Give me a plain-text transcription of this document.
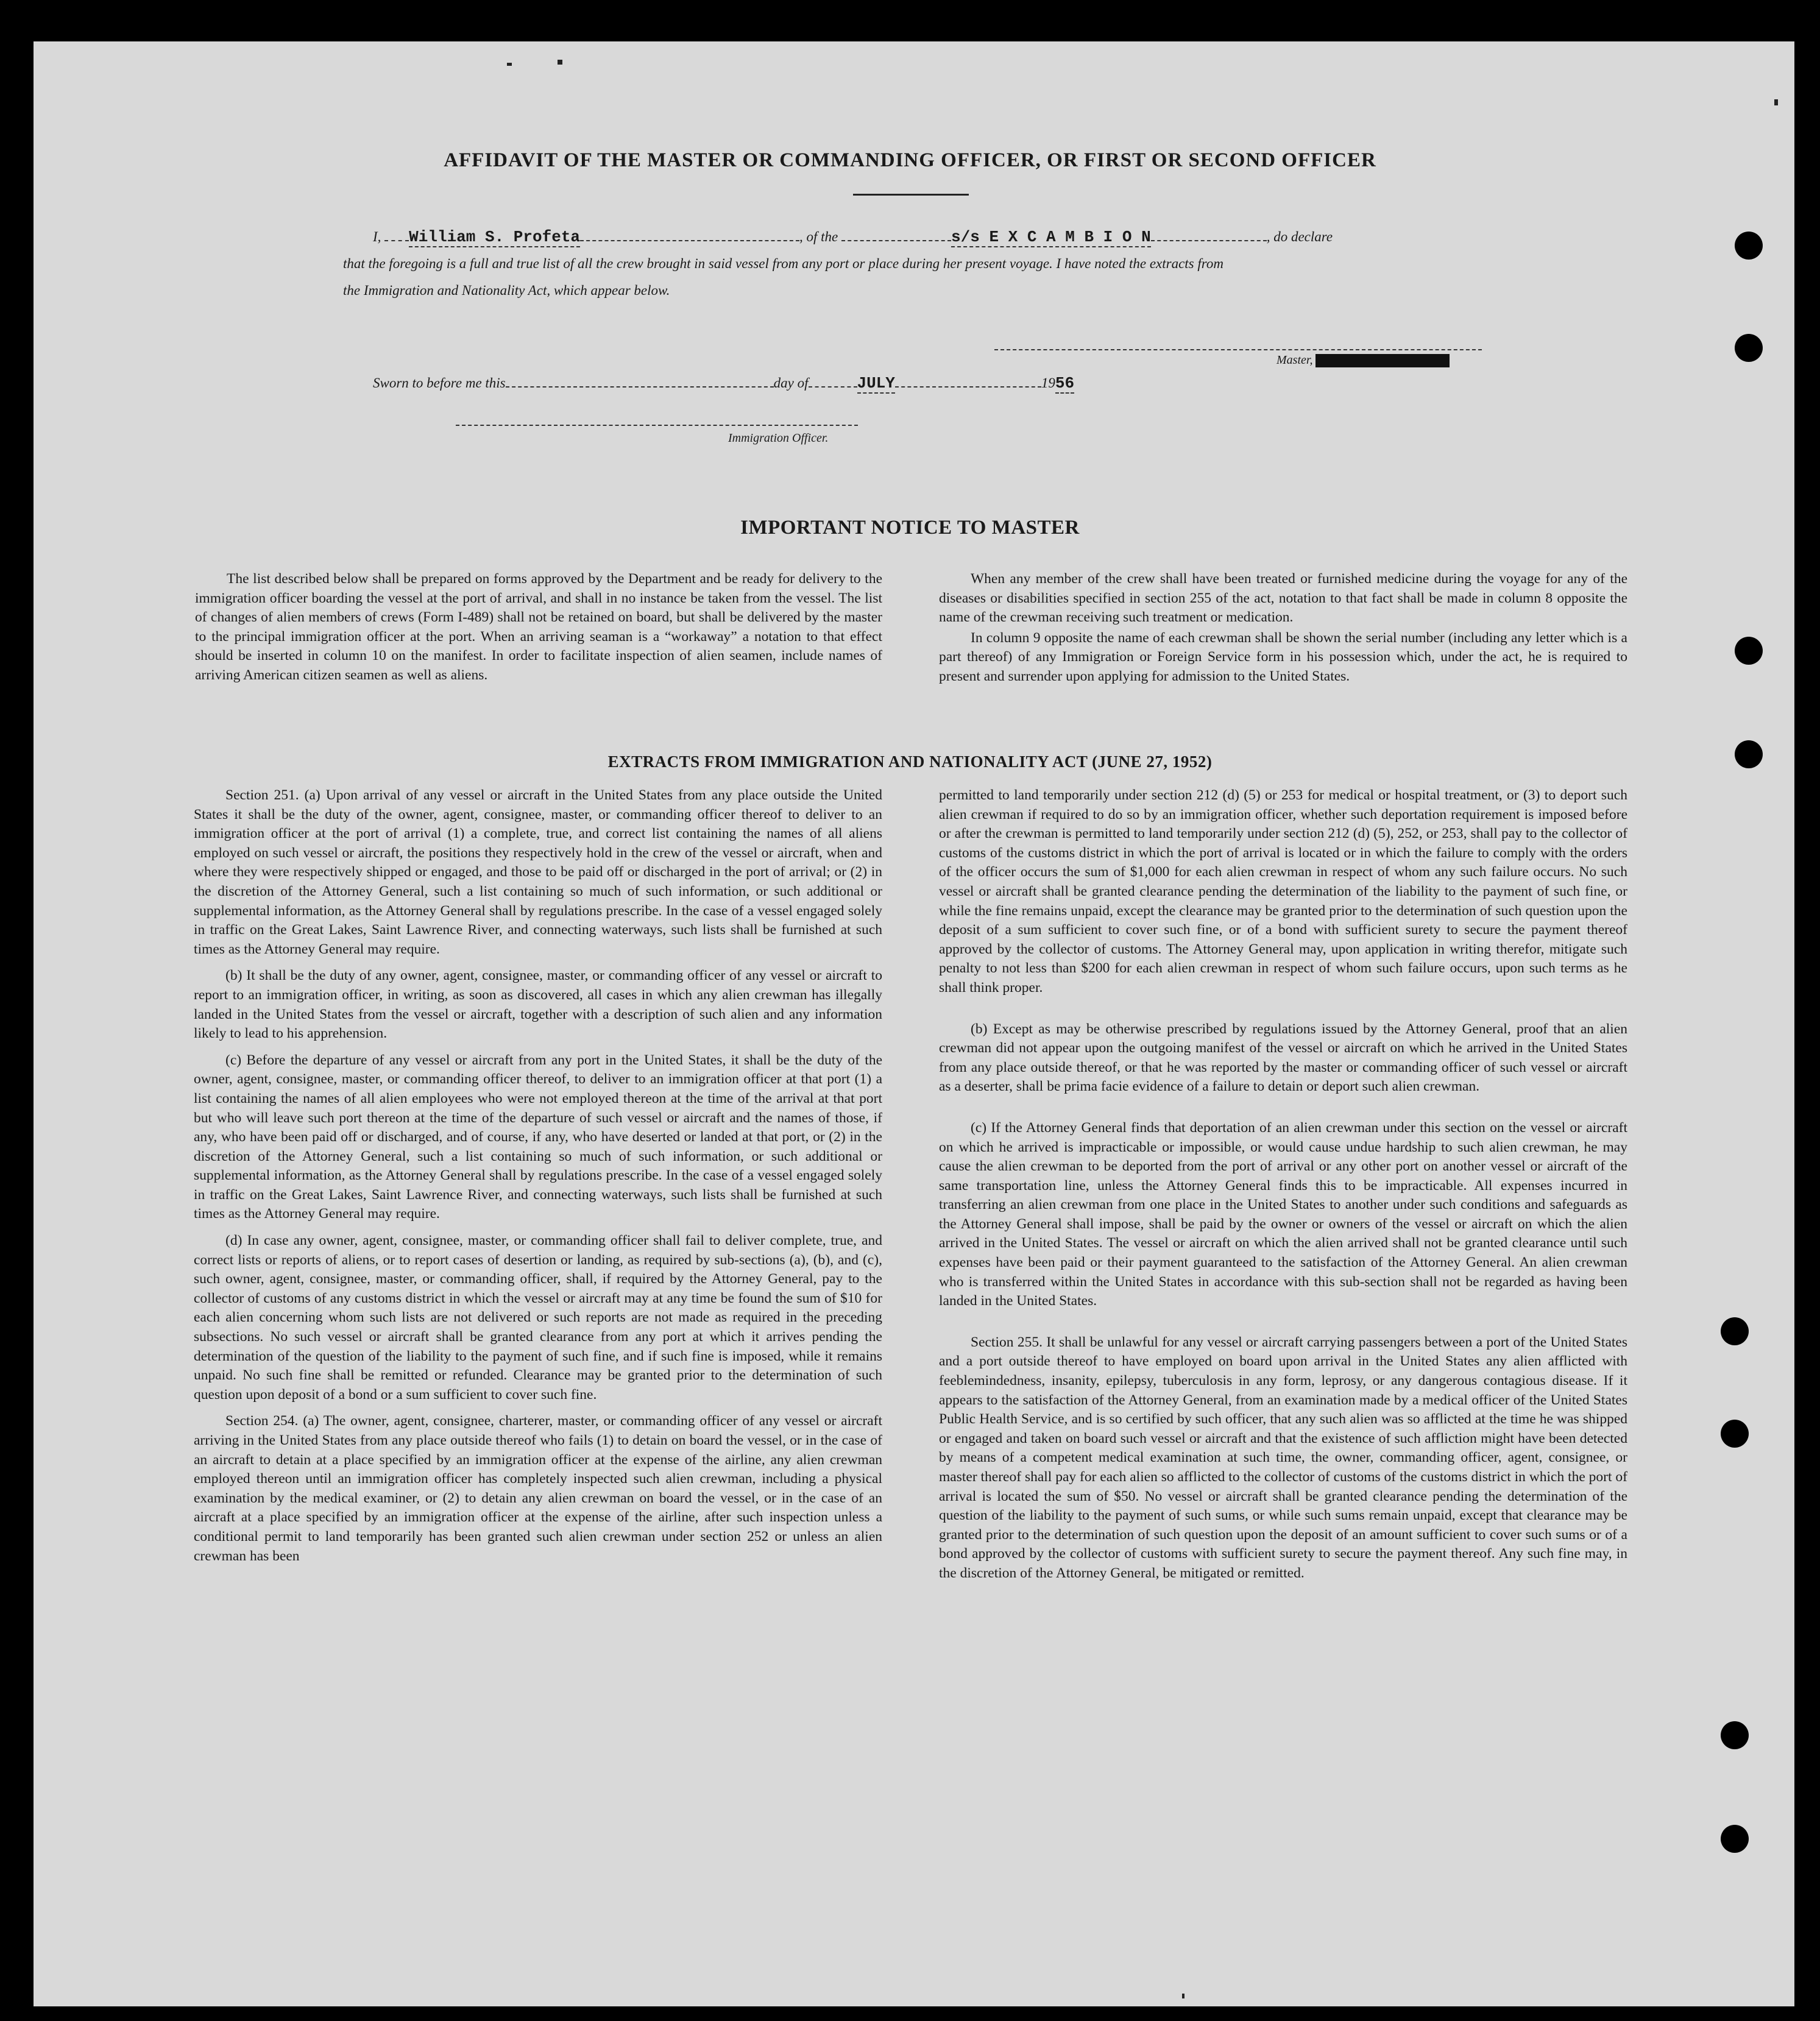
AFFIDAVIT OF THE MASTER OR COMMANDING OFFICER, OR FIRST OR SECOND OFFICER
I, William S. Profeta	, of the	s/s E X C A M B I O N	, do declare
that the foregoing is a full and true list of all the crew brought in said vessel from any port or place during her present voyage. I have noted the extracts from
the Immigration and Nationality Act, which appear below.
Master,
Sworn to before me this	day of	JULY	1956
Immigration Officer.
IMPORTANT NOTICE TO MASTER

The list described below shall be prepared on forms approved by the Department and be ready for delivery to the immigration officer boarding the vessel at the port of arrival, and shall in no instance be taken from the vessel. The list of changes of alien members of crews (Form I-489) shall not be retained on board, but shall be delivered by the master to the principal immigration officer at the port. When an arriving seaman is a “workaway” a notation to that effect should be inserted in column 10 on the manifest. In order to facilitate inspection of alien seamen, include names of arriving American citizen seamen as well as aliens.

When any member of the crew shall have been treated or furnished medicine during the voyage for any of the diseases or disabilities specified in section 255 of the act, notation to that fact shall be made in column 8 opposite the name of the crewman receiving such treatment or medication.

In column 9 opposite the name of each crewman shall be shown the serial number (including any letter which is a part thereof) of any Immigration or Foreign Service form in his possession which, under the act, he is required to present and surrender upon applying for admission to the United States.

EXTRACTS FROM IMMIGRATION AND NATIONALITY ACT (JUNE 27, 1952)

Section 251. (a) Upon arrival of any vessel or aircraft in the United States from any place outside the United States it shall be the duty of the owner, agent, consignee, master, or commanding officer thereof to deliver to an immigration officer at the port of arrival (1) a complete, true, and correct list containing the names of all aliens employed on such vessel or aircraft, the positions they respectively hold in the crew of the vessel or aircraft, when and where they were respectively shipped or engaged, and those to be paid off or discharged in the port of arrival; or (2) in the discretion of the Attorney General, such a list containing so much of such information, or such additional or supplemental information, as the Attorney General shall by regulations prescribe. In the case of a vessel engaged solely in traffic on the Great Lakes, Saint Lawrence River, and connecting waterways, such lists shall be furnished at such times as the Attorney General may require.

(b) It shall be the duty of any owner, agent, consignee, master, or commanding officer of any vessel or aircraft to report to an immigration officer, in writing, as soon as discovered, all cases in which any alien crewman has illegally landed in the United States from the vessel or aircraft, together with a description of such alien and any information likely to lead to his apprehension.

(c) Before the departure of any vessel or aircraft from any port in the United States, it shall be the duty of the owner, agent, consignee, master, or commanding officer thereof, to deliver to an immigration officer at that port (1) a list containing the names of all alien employees who were not employed thereon at the time of the arrival at that port but who will leave such port thereon at the time of the departure of such vessel or aircraft and the names of those, if any, who have been paid off or discharged, and of course, if any, who have deserted or landed at that port, or (2) in the discretion of the Attorney General, such a list containing so much of such information, or such additional or supplemental information, as the Attorney General shall by regulations prescribe. In the case of a vessel engaged solely in traffic on the Great Lakes, Saint Lawrence River, and connecting waterways, such lists shall be furnished at such times as the Attorney General may require.

(d) In case any owner, agent, consignee, master, or commanding officer shall fail to deliver complete, true, and correct lists or reports of aliens, or to report cases of desertion or landing, as required by sub-sections (a), (b), and (c), such owner, agent, consignee, master, or commanding officer, shall, if required by the Attorney General, pay to the collector of customs of any customs district in which the vessel or aircraft may at any time be found the sum of $10 for each alien concerning whom such lists are not delivered or such reports are not made as required in the preceding subsections. No such vessel or aircraft shall be granted clearance from any port at which it arrives pending the determination of the question of the liability to the payment of such fine, and if such fine is imposed, while it remains unpaid. No such fine shall be remitted or refunded. Clearance may be granted prior to the determination of such question upon deposit of a bond or a sum sufficient to cover such fine.

Section 254. (a) The owner, agent, consignee, charterer, master, or commanding officer of any vessel or aircraft arriving in the United States from any place outside thereof who fails (1) to detain on board the vessel, or in the case of an aircraft to detain at a place specified by an immigration officer at the expense of the airline, any alien crewman employed thereon until an immigration officer has completely inspected such alien crewman, including a physical examination by the medical examiner, or (2) to detain any alien crewman on board the vessel, or in the case of an aircraft at a place specified by an immigration officer at the expense of the airline, after such inspection unless a conditional permit to land temporarily has been granted such alien crewman under section 252 or unless an alien crewman has been

permitted to land temporarily under section 212 (d) (5) or 253 for medical or hospital treatment, or (3) to deport such alien crewman if required to do so by an immigration officer, whether such deportation requirement is imposed before or after the crewman is permitted to land temporarily under section 212 (d) (5), 252, or 253, shall pay to the collector of customs of the customs district in which the port of arrival is located or in which the failure to comply with the orders of the officer occurs the sum of $1,000 for each alien crewman in respect of whom any such failure occurs. No such vessel or aircraft shall be granted clearance pending the determination of the liability to the payment of such fine, or while the fine remains unpaid, except the clearance may be granted prior to the determination of such question upon the deposit of a sum sufficient to cover such fine, or of a bond with sufficient surety to secure the payment thereof approved by the collector of customs. The Attorney General may, upon application in writing therefor, mitigate such penalty to not less than $200 for each alien crewman in respect of whom such failure occurs, upon such terms as he shall think proper.

(b) Except as may be otherwise prescribed by regulations issued by the Attorney General, proof that an alien crewman did not appear upon the outgoing manifest of the vessel or aircraft on which he arrived in the United States from any place outside thereof, or that he was reported by the master or commanding officer of such vessel or aircraft as a deserter, shall be prima facie evidence of a failure to detain or deport such alien crewman.

(c) If the Attorney General finds that deportation of an alien crewman under this section on the vessel or aircraft on which he arrived is impracticable or impossible, or would cause undue hardship to such alien crewman, he may cause the alien crewman to be deported from the port of arrival or any other port on another vessel or aircraft of the same transportation line, unless the Attorney General finds this to be impracticable. All expenses incurred in transferring an alien crewman from one place in the United States to another under such conditions and safeguards as the Attorney General shall impose, shall be paid by the owner or owners of the vessel or aircraft on which the alien arrived in the United States. The vessel or aircraft on which the alien arrived shall not be granted clearance until such expenses have been paid or their payment guaranteed to the satisfaction of the Attorney General. An alien crewman who is transferred within the United States in accordance with this sub-section shall not be regarded as having been landed in the United States.

Section 255. It shall be unlawful for any vessel or aircraft carrying passengers between a port of the United States and a port outside thereof to have employed on board upon arrival in the United States any alien afflicted with feeblemindedness, insanity, epilepsy, tuberculosis in any form, leprosy, or any dangerous contagious disease. If it appears to the satisfaction of the Attorney General, from an examination made by a medical officer of the United States Public Health Service, and is so certified by such officer, that any such alien was so afflicted at the time he was shipped or engaged and taken on board such vessel or aircraft and that the existence of such affliction might have been detected by means of a competent medical examination at such time, the owner, commanding officer, agent, consignee, or master thereof shall pay for each alien so afflicted to the collector of customs of the customs district in which the port of arrival is located the sum of $50. No vessel or aircraft shall be granted clearance pending the determination of the question of the liability to the payment of such sums, or while such sums remain unpaid, except that clearance may be granted prior to the determination of such question upon the deposit of an amount sufficient to cover such sums or of a bond approved by the collector of customs with sufficient surety to secure the payment thereof. Any such fine may, in the discretion of the Attorney General, be mitigated or remitted.
